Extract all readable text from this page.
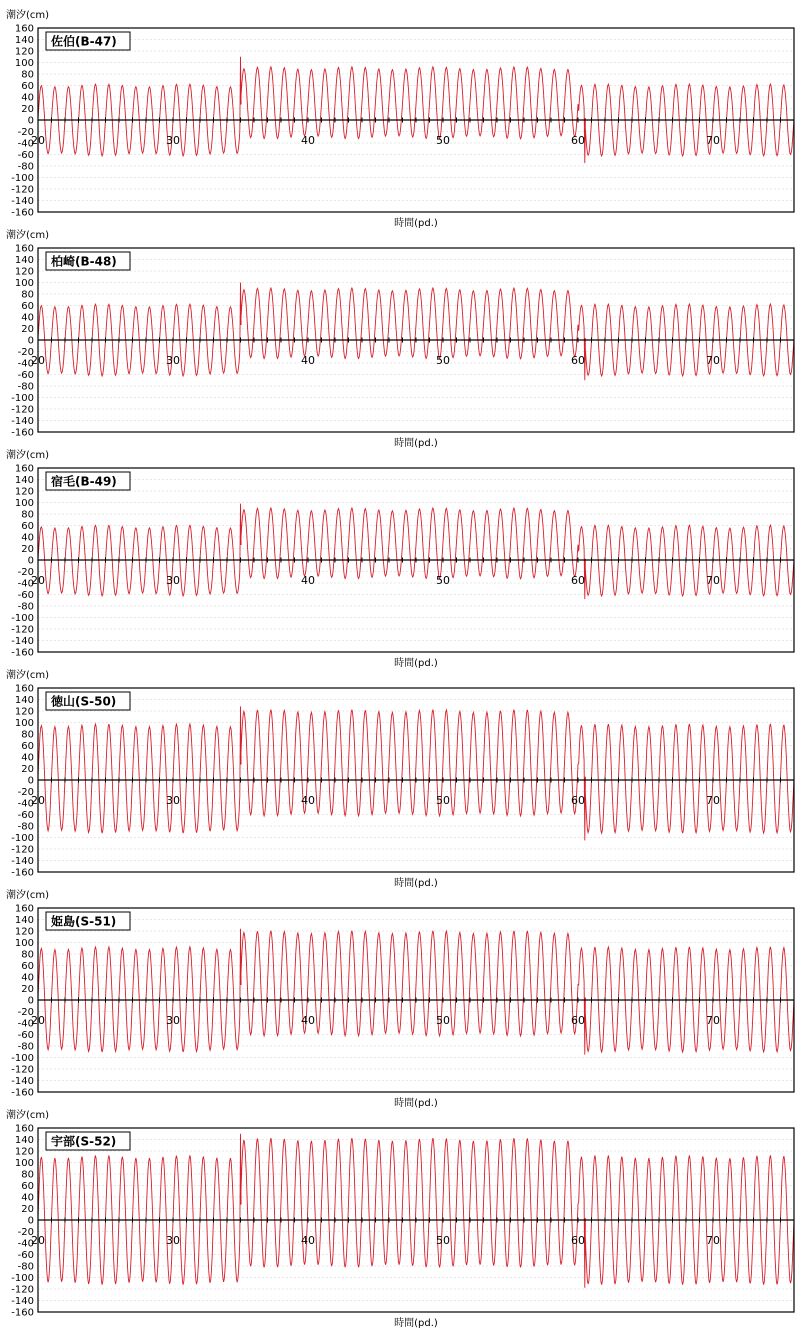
潮汐(cm)
-160
-140
-120
-100
-80
-60
-40
-20
0
20
40
60
80
100
120
140
160
20	30	40	50	60	70
佐伯(B-47)
時間(pd.)
潮汐(cm)
-160
-140
-120
-100
-80
-60
-40
-20
0
20
40
60
80
100
120
140
160
20	30	40	50	60	70
柏崎(B-48)
時間(pd.)
潮汐(cm)
-160
-140
-120
-100
-80
-60
-40
-20
0
20
40
60
80
100
120
140
160
20	30	40	50	60	70
宿毛(B-49)
時間(pd.)
潮汐(cm)
-160
-140
-120
-100
-80
-60
-40
-20
0
20
40
60
80
100
120
140
160
20	30	40	50	60	70
徳山(S-50)
時間(pd.)
潮汐(cm)
-160
-140
-120
-100
-80
-60
-40
-20
0
20
40
60
80
100
120
140
160
20	30	40	50	60	70
姫島(S-51)
時間(pd.)
潮汐(cm)
-160
-140
-120
-100
-80
-60
-40
-20
0
20
40
60
80
100
120
140
160
20	30	40	50	60	70
宇部(S-52)
時間(pd.)
